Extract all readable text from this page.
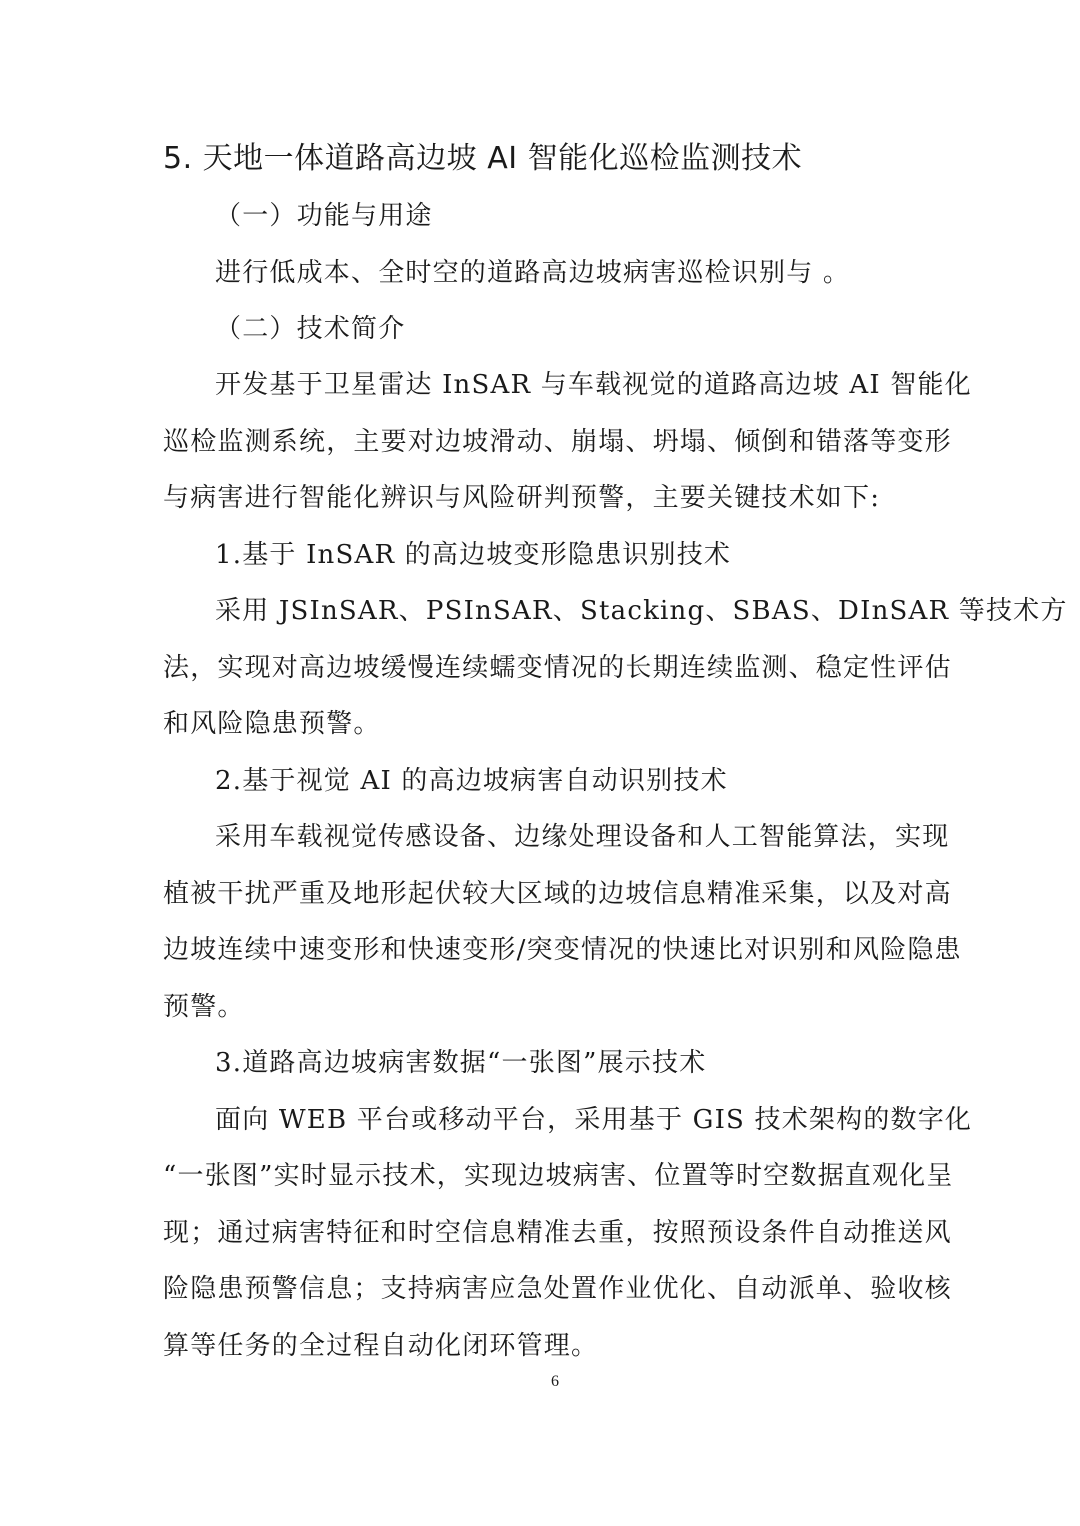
5. 天地一体道路高边坡 AI 智能化巡检监测技术
（一）功能与用途
进行低成本、全时空的道路高边坡病害巡检识别与 。
（二）技术简介
开发基于卫星雷达 InSAR 与车载视觉的道路高边坡 AI 智能化
巡检监测系统，主要对边坡滑动、崩塌、坍塌、倾倒和错落等变形
与病害进行智能化辨识与风险研判预警，主要关键技术如下:
1.基于 InSAR 的高边坡变形隐患识别技术
采用 JSInSAR、PSInSAR、Stacking、SBAS、DInSAR 等技术方
法，实现对高边坡缓慢连续蠕变情况的长期连续监测、稳定性评估
和风险隐患预警。
2.基于视觉 AI 的高边坡病害自动识别技术
采用车载视觉传感设备、边缘处理设备和人工智能算法，实现
植被干扰严重及地形起伏较大区域的边坡信息精准采集，以及对高
边坡连续中速变形和快速变形/突变情况的快速比对识别和风险隐患
预警。
3.道路高边坡病害数据“一张图”展示技术
面向 WEB 平台或移动平台，采用基于 GIS 技术架构的数字化
“一张图”实时显示技术，实现边坡病害、位置等时空数据直观化呈
现；通过病害特征和时空信息精准去重，按照预设条件自动推送风
险隐患预警信息；支持病害应急处置作业优化、自动派单、验收核
算等任务的全过程自动化闭环管理。
6
